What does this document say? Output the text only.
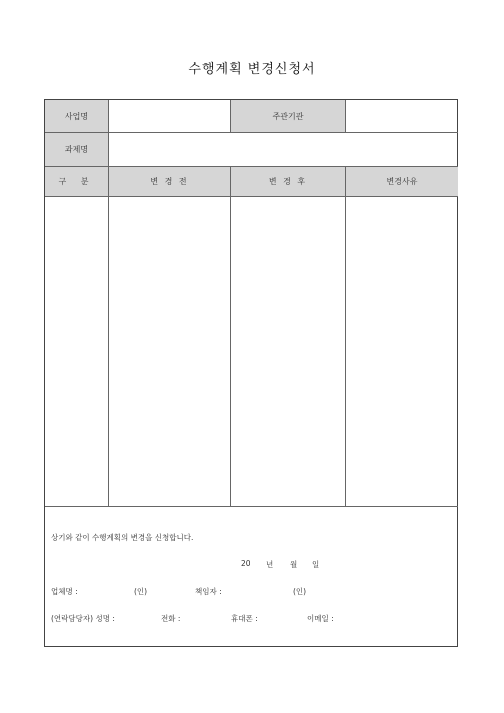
수행계획 변경신청서
사업명	주관기관
과제명
구 분	변 경 전	변 경 후	변경사유
상기와 같이 수행계획의 변경을 신청합니다.
20 년 월 일
업체명 :	(인)	책임자 :	(인)
(연락담당자) 성명 :	전화 :	휴대폰 :	이메일 :
